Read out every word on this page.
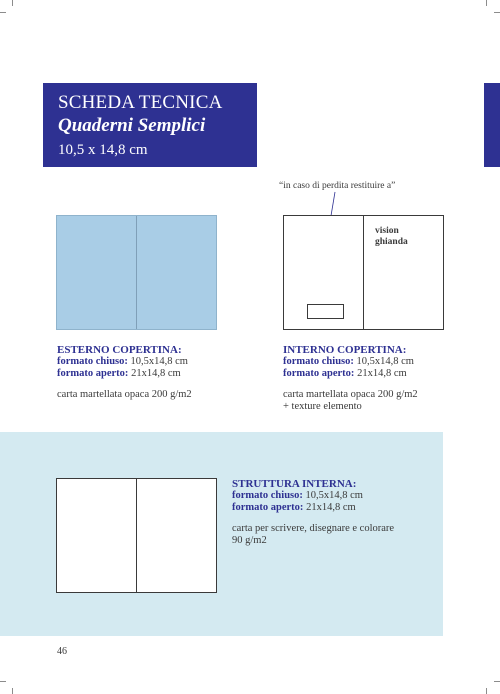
SCHEDA TECNICA
Quaderni Semplici
10,5 x 14,8 cm
“in caso di perdita restituire a”
vision
ghianda
ESTERNO COPERTINA:
formato chiuso: 10,5x14,8 cm
formato aperto: 21x14,8 cm
carta martellata opaca 200 g/m2
INTERNO COPERTINA:
formato chiuso: 10,5x14,8 cm
formato aperto: 21x14,8 cm
carta martellata opaca 200 g/m2
+ texture elemento
STRUTTURA INTERNA:
formato chiuso: 10,5x14,8 cm
formato aperto: 21x14,8 cm
carta per scrivere, disegnare e colorare
90 g/m2
46
